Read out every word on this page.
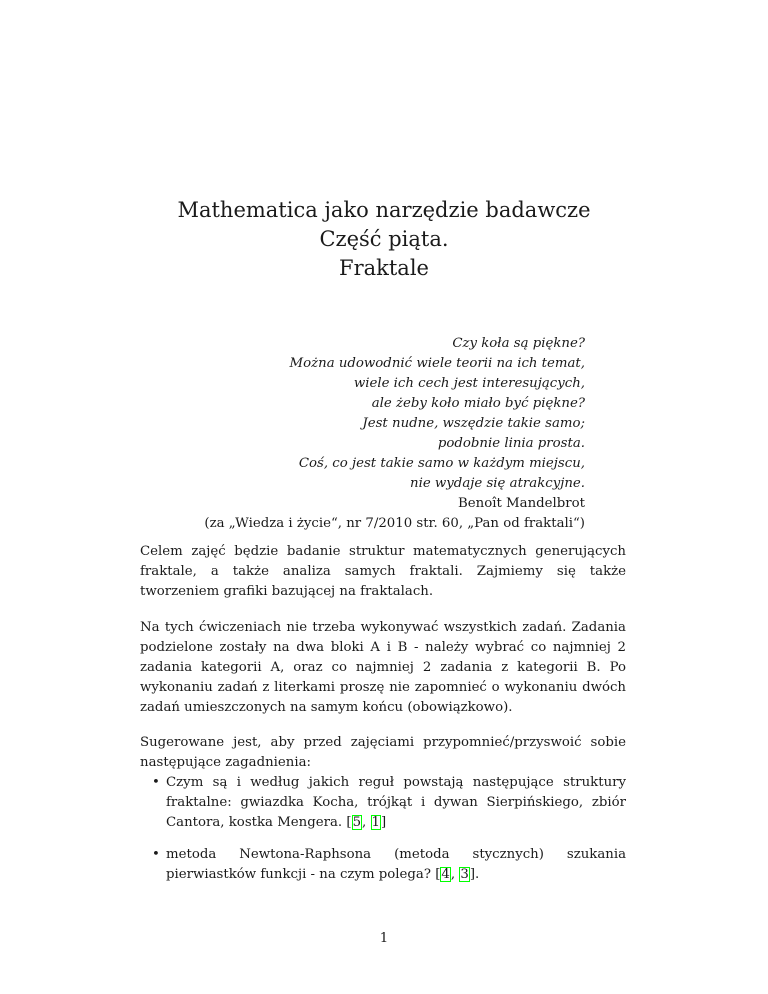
Mathematica jako narzędzie badawcze
Część piąta.
Fraktale
Czy koła są piękne?
Można udowodnić wiele teorii na ich temat,
wiele ich cech jest interesujących,
ale żeby koło miało być piękne?
Jest nudne, wszędzie takie samo;
podobnie linia prosta.
Coś, co jest takie samo w każdym miejscu,
nie wydaje się atrakcyjne.
Benoît Mandelbrot
(za „Wiedza i życie“, nr 7/2010 str. 60, „Pan od fraktali“)

Celem zajęć będzie badanie struktur matematycznych generujących fraktale, a także analiza samych fraktali. Zajmiemy się także tworzeniem grafiki bazującej na fraktalach.

Na tych ćwiczeniach nie trzeba wykonywać wszystkich zadań. Zadania podzielone zostały na dwa bloki A i B - należy wybrać co najmniej 2 zadania kategorii A, oraz co najmniej 2 zadania z kategorii B. Po wykonaniu zadań z literkami proszę nie zapomnieć o wykonaniu dwóch zadań umieszczonych na samym końcu (obowiązkowo).

Sugerowane jest, aby przed zajęciami przypomnieć/przyswoić sobie następujące zagadnienia:

• Czym są i według jakich reguł powstają następujące struktury fraktalne: gwiazdka Kocha, trójkąt i dywan Sierpińskiego, zbiór Cantora, kostka Mengera. [5, 1]
• metoda Newtona-Raphsona (metoda stycznych) szukania pierwiastków funkcji - na czym polega? [4, 3].
1
